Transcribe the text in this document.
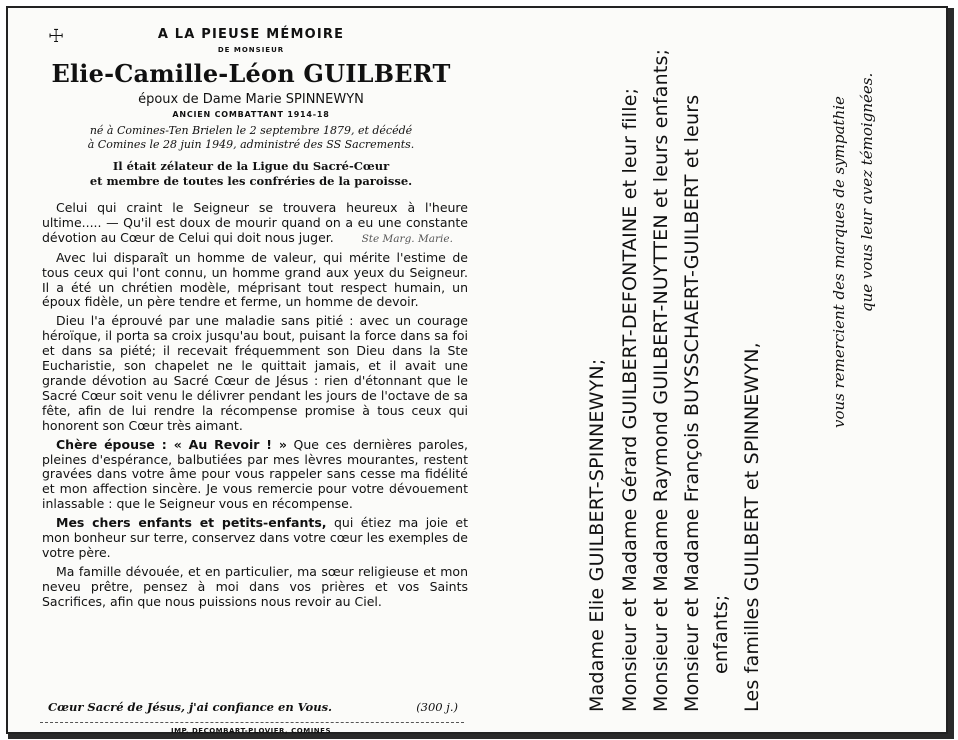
☩	A LA PIEUSE MÉMOIRE
DE MONSIEUR
Elie-Camille-Léon GUILBERT
époux de Dame Marie SPINNEWYN
ANCIEN COMBATTANT 1914-18
né à Comines-Ten Brielen le 2 septembre 1879, et décédé
à Comines le 28 juin 1949, administré des SS Sacrements.
Il était zélateur de la Ligue du Sacré-Cœur
et membre de toutes les confréries de la paroisse.

Celui qui craint le Seigneur se trouvera heureux à l'heure ultime..... — Qu'il est doux de mourir quand on a eu une constante dévotion au Cœur de Celui qui doit nous juger.	Ste Marg. Marie.

Avec lui disparaît un homme de valeur, qui mérite l'estime de tous ceux qui l'ont connu, un homme grand aux yeux du Seigneur. Il a été un chrétien modèle, méprisant tout respect humain, un époux fidèle, un père tendre et ferme, un homme de devoir.

Dieu l'a éprouvé par une maladie sans pitié : avec un courage héroïque, il porta sa croix jusqu'au bout, puisant la force dans sa foi et dans sa piété; il recevait fréquemment son Dieu dans la Ste Eucharistie, son chapelet ne le quittait jamais, et il avait une grande dévotion au Sacré Cœur de Jésus : rien d'étonnant que le Sacré Cœur soit venu le délivrer pendant les jours de l'octave de sa fête, afin de lui rendre la récompense promise à tous ceux qui honorent son Cœur très aimant.

Chère épouse : « Au Revoir ! » Que ces dernières paroles, pleines d'espérance, balbutiées par mes lèvres mourantes, restent gravées dans votre âme pour vous rappeler sans cesse ma fidélité et mon affection sincère. Je vous remercie pour votre dévouement inlassable : que le Seigneur vous en récompense.

Mes chers enfants et petits-enfants, qui étiez ma joie et mon bonheur sur terre, conservez dans votre cœur les exemples de votre père.

Ma famille dévouée, et en particulier, ma sœur religieuse et mon neveu prêtre, pensez à moi dans vos prières et vos Saints Sacrifices, afin que nous puissions nous revoir au Ciel.

Cœur Sacré de Jésus, j'ai confiance en Vous.	(300 j.)
IMP. DECOMBART-PLOVIER, COMINES
Madame Elie GUILBERT-SPINNEWYN; Monsieur et Madame Gérard GUILBERT-DEFONTAINE et leur fille; Monsieur et Madame Raymond GUILBERT-NUYTTEN et leurs enfants; Monsieur et Madame François BUYSSCHAERT-GUILBERT et leurs enfants; Les familles GUILBERT et SPINNEWYN,
vous remercient des marques de sympathie que vous leur avez témoignées.
